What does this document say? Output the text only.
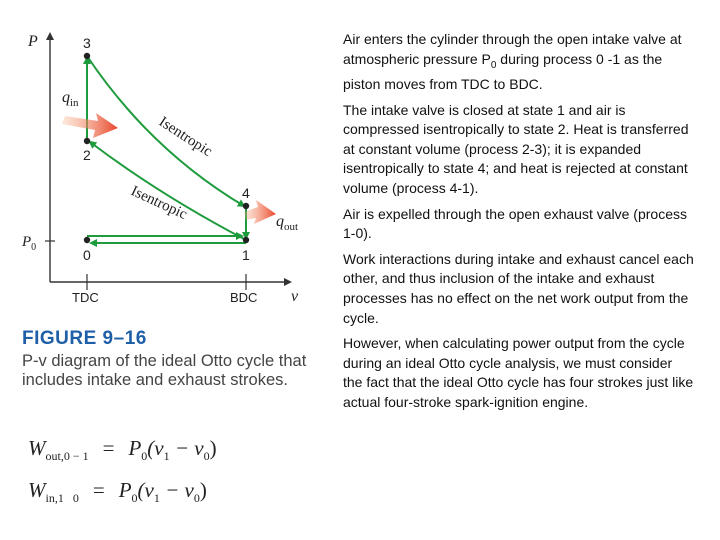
P
v
$P_0$
TDC	BDC
3
2
4
1
0
Isentropic
Isentropic
$q_{in}$
$q_{out}$
FIGURE 9–16
P-v diagram of the ideal Otto cycle that includes intake and exhaust strokes.
$W_{out,0 - 1} = P_0(v_1 - v_0)$
$W_{in,1 0} = P_0(v_1 - v_0)$

Air enters the cylinder through the open intake valve at atmospheric pressure $P_0$ during process 0 -1 as the piston moves from TDC to BDC.

The intake valve is closed at state 1 and air is compressed isentropically to state 2. Heat is transferred at constant volume (process 2-3); it is expanded isentropically to state 4; and heat is rejected at constant volume (process 4-1).

Air is expelled through the open exhaust valve (process 1-0).

Work interactions during intake and exhaust cancel each other, and thus inclusion of the intake and exhaust processes has no effect on the net work output from the cycle.

However, when calculating power output from the cycle during an ideal Otto cycle analysis, we must consider the fact that the ideal Otto cycle has four strokes just like actual four-stroke spark-ignition engine.
